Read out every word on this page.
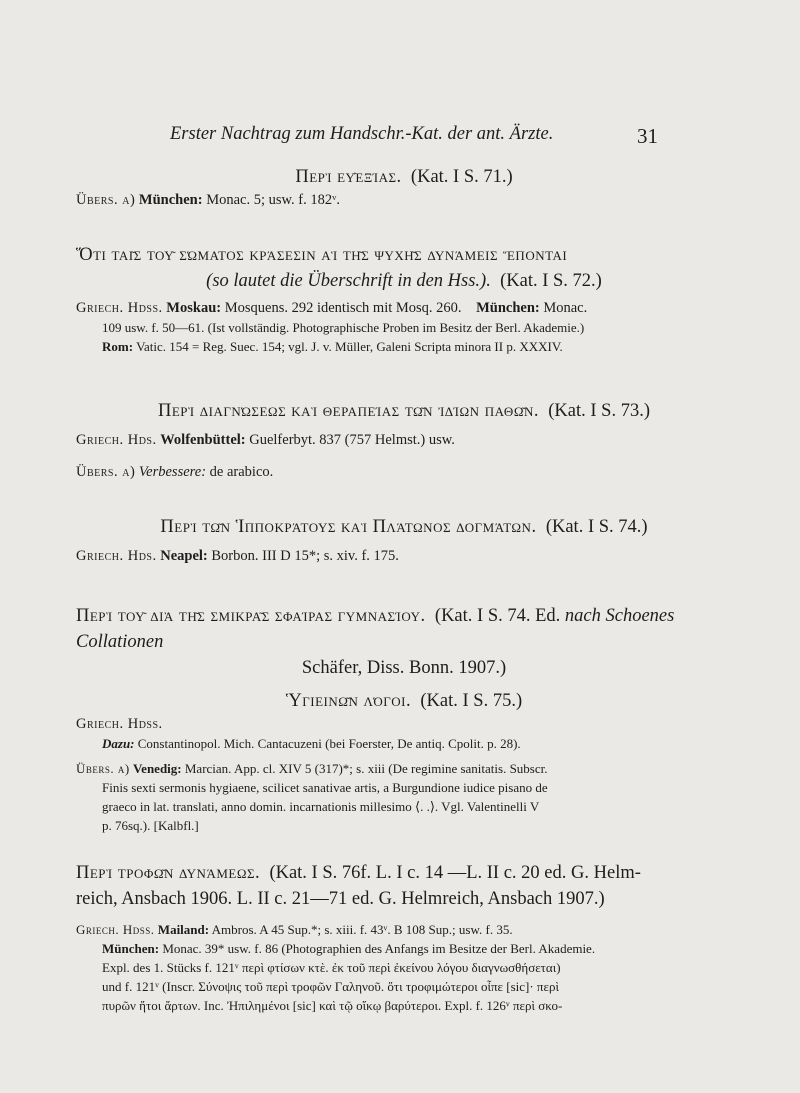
Erster Nachtrag zum Handschr.-Kat. der ant. Ärzte.	31
Περὶ εὐεξίας. (Kat. I S. 71.)
Übers. a) München: Monac. 5; usw. f. 182ᵛ.
Ὅτι ταῖς τοῦ σώματος κράσεσιν αἱ τῆς ψυχῆς δυνάμεις ἕπονται
(so lautet die Überschrift in den Hss.). (Kat. I S. 72.)
Griech. Hdss. Moskau: Mosquens. 292 identisch mit Mosq. 260. München: Monac.
109 usw. f. 50—61. (Ist vollständig. Photographische Proben im Besitz der Berl. Akademie.)
Rom: Vatic. 154 = Reg. Suec. 154; vgl. J. v. Müller, Galeni Scripta minora II p. XXXIV.
Περὶ διαγνώσεως καὶ θεραπείας τῶν ἰδίων παθῶν. (Kat. I S. 73.)
Griech. Hds. Wolfenbüttel: Guelferbyt. 837 (757 Helmst.) usw.
Übers. a) Verbessere: de arabico.
Περὶ τῶν Ἱπποκράτους καὶ Πλάτωνος δογμάτων. (Kat. I S. 74.)
Griech. Hds. Neapel: Borbon. III D 15*; s. xiv. f. 175.
Περὶ τοῦ διὰ τῆς σμικρᾶς σφαίρας γυμνασίου. (Kat. I S. 74. Ed. nach Schoenes Collationen
Schäfer, Diss. Bonn. 1907.)
Ὑγιεινῶν λόγοι. (Kat. I S. 75.)
Griech. Hdss.
Dazu: Constantinopol. Mich. Cantacuzeni (bei Foerster, De antiq. Cpolit. p. 28).
Übers. a) Venedig: Marcian. App. cl. XIV 5 (317)*; s. xiii (De regimine sanitatis. Subscr.
Finis sexti sermonis hygiaene, scilicet sanativae artis, a Burgundione iudice pisano de
graeco in lat. translati, anno domin. incarnationis millesimo ⟨. .⟩. Vgl. Valentinelli V
p. 76sq.). [Kalbfl.]
Περὶ τροφῶν δυνάμεως. (Kat. I S. 76f. L. I c. 14 —L. II c. 20 ed. G. Helm-
reich, Ansbach 1906. L. II c. 21—71 ed. G. Helmreich, Ansbach 1907.)
Griech. Hdss. Mailand: Ambros. A 45 Sup.*; s. xiii. f. 43ᵛ. B 108 Sup.; usw. f. 35.
München: Monac. 39* usw. f. 86 (Photographien des Anfangs im Besitze der Berl. Akademie.
Expl. des 1. Stücks f. 121ᵛ περὶ φτίσων κτὲ. ἐκ τοῦ περὶ ἐκείνου λόγου διαγνωσθήσεται)
und f. 121ᵛ (Inscr. Σύνοψις τοῦ περὶ τροφῶν Γαληνοῦ. ὅτι τροφιμώτεροι οἶπε [sic]· περὶ
πυρῶν ἤτοι ἄρτων. Inc. Ἠπιλημένοι [sic] καὶ τῷ οἴκῳ βαρύτεροι. Expl. f. 126ᵛ περὶ σκο-
